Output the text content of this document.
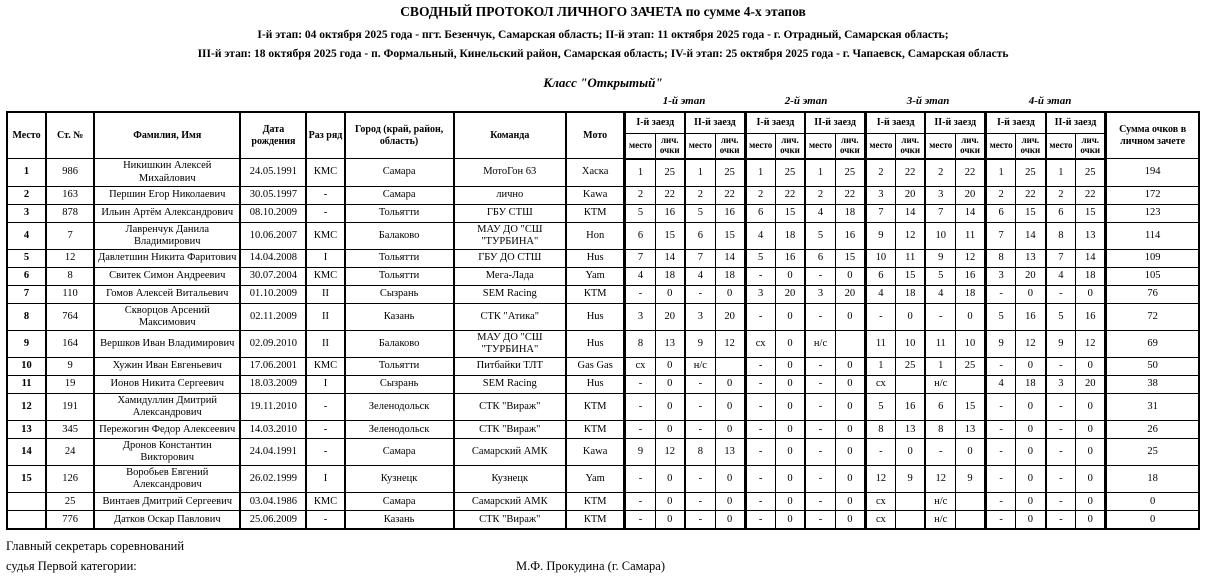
СВОДНЫЙ ПРОТОКОЛ ЛИЧНОГО ЗАЧЕТА по сумме 4-х этапов
I-й этап: 04 октября 2025 года - пгт. Безенчук, Самарская область; II-й этап: 11 октября 2025 года - г. Отрадный, Самарская область;
III-й этап: 18 октября 2025 года - п. Формальный, Кинельский район, Самарская область; IV-й этап: 25 октября 2025 года - г. Чапаевск, Самарская область
Класс "Открытый"
1-й этап	2-й этап	3-й этап	4-й этап
Место	Ст. №	Фамилия, Имя	Дата рождения	Раз ряд	Город (край, район, область)	Команда	Мото	I-й заезд		II-й заезд		I-й заезд		II-й заезд		I-й заезд		II-й заезд		I-й заезд		II-й заезд		Сумма очков в личном зачете
								место	лич. очки	место	лич. очки	место	лич. очки	место	лич. очки	место	лич. очки	место	лич. очки	место	лич. очки	место	лич. очки	
1	986	Никишкин Алексей Михайлович	24.05.1991	КМС	Самара	МотоГон 63	Хаска	1	25	1	25	1	25	1	25	2	22	2	22	1	25	1	25	194
2	163	Першин Егор Николаевич	30.05.1997	-	Самара	лично	Kawa	2	22	2	22	2	22	2	22	3	20	3	20	2	22	2	22	172
3	878	Ильин Артём Александрович	08.10.2009	-	Тольятти	ГБУ СТШ	КТМ	5	16	5	16	6	15	4	18	7	14	7	14	6	15	6	15	123
4	7	Лавренчук Данила Владимирович	10.06.2007	КМС	Балаково	МАУ ДО "СШ "ТУРБИНА"	Hon	6	15	6	15	4	18	5	16	9	12	10	11	7	14	8	13	114
5	12	Давлетшин Никита Фаритович	14.04.2008	I	Тольятти	ГБУ ДО СТШ	Hus	7	14	7	14	5	16	6	15	10	11	9	12	8	13	7	14	109
6	8	Свитек Симон Андреевич	30.07.2004	КМС	Тольятти	Мега-Лада	Yam	4	18	4	18	-	0	-	0	6	15	5	16	3	20	4	18	105
7	110	Гомов Алексей Витальевич	01.10.2009	II	Сызрань	SEM Racing	КТМ	-	0	-	0	3	20	3	20	4	18	4	18	-	0	-	0	76
8	764	Скворцов Арсений Максимович	02.11.2009	II	Казань	СТК "Атика"	Hus	3	20	3	20	-	0	-	0	-	0	-	0	5	16	5	16	72
9	164	Вершков Иван Владимирович	02.09.2010	II	Балаково	МАУ ДО "СШ "ТУРБИНА"	Hus	8	13	9	12	сх	0	н/с		11	10	11	10	9	12	9	12	69
10	9	Хужин Иван Евгеньевич	17.06.2001	КМС	Тольятти	Питбайки ТЛТ	Gas Gas	сх	0	н/с		-	0	-	0	1	25	1	25	-	0	-	0	50
11	19	Ионов Никита Сергеевич	18.03.2009	I	Сызрань	SEM Racing	Hus	-	0	-	0	-	0	-	0	сх		н/с		4	18	3	20	38
12	191	Хамидуллин Дмитрий Александрович	19.11.2010	-	Зеленодольск	СТК "Вираж"	КТМ	-	0	-	0	-	0	-	0	5	16	6	15	-	0	-	0	31
13	345	Пережогин Федор Алексеевич	14.03.2010	-	Зеленодольск	СТК "Вираж"	КТМ	-	0	-	0	-	0	-	0	8	13	8	13	-	0	-	0	26
14	24	Дронов Константин Викторович	24.04.1991	-	Самара	Самарский АМК	Kawa	9	12	8	13	-	0	-	0	-	0	-	0	-	0	-	0	25
15	126	Воробьев Евгений Александрович	26.02.1999	I	Кузнецк	Кузнецк	Yam	-	0	-	0	-	0	-	0	12	9	12	9	-	0	-	0	18
	25	Винтаев Дмитрий Сергеевич	03.04.1986	КМС	Самара	Самарский АМК	КТМ	-	0	-	0	-	0	-	0	сх		н/с		-	0	-	0	0
	776	Датков Оскар Павлович	25.06.2009	-	Казань	СТК "Вираж"	КТМ	-	0	-	0	-	0	-	0	сх		н/с		-	0	-	0	0
Главный секретарь соревнований
судья Первой категории:	М.Ф. Прокудина (г. Самара)
